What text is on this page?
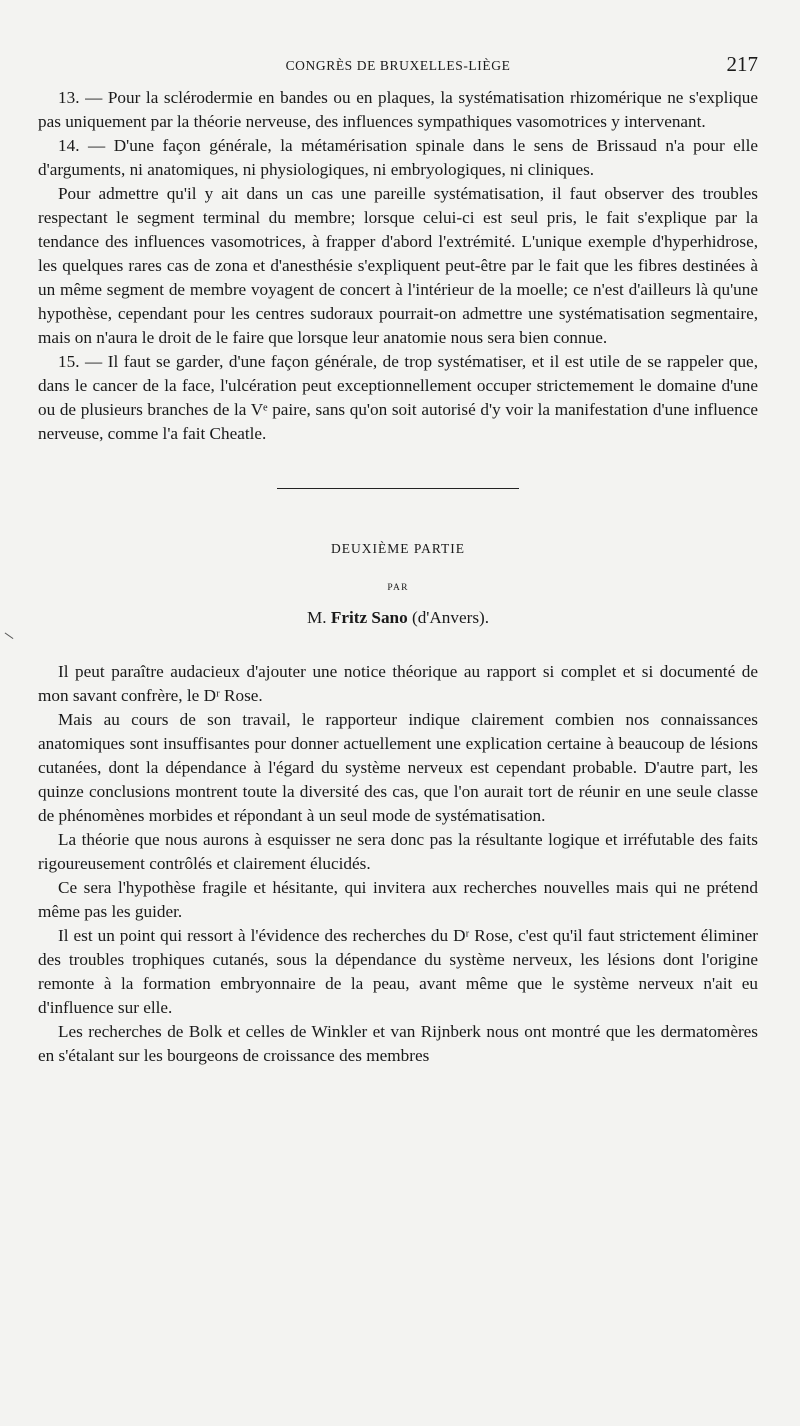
CONGRÈS DE BRUXELLES-LIÈGE	217

13. — Pour la sclérodermie en bandes ou en plaques, la systématisation rhizomérique ne s'explique pas uniquement par la théorie nerveuse, des influences sympathiques vasomotrices y intervenant.

14. — D'une façon générale, la métamérisation spinale dans le sens de Brissaud n'a pour elle d'arguments, ni anatomiques, ni physiologiques, ni embryologiques, ni cliniques.

Pour admettre qu'il y ait dans un cas une pareille systématisation, il faut observer des troubles respectant le segment terminal du membre; lorsque celui-ci est seul pris, le fait s'explique par la tendance des influences vasomotrices, à frapper d'abord l'extrémité. L'unique exemple d'hyperhidrose, les quelques rares cas de zona et d'anesthésie s'expliquent peut-être par le fait que les fibres destinées à un même segment de membre voyagent de concert à l'intérieur de la moelle; ce n'est d'ailleurs là qu'une hypothèse, cependant pour les centres sudoraux pourrait-on admettre une systématisation segmentaire, mais on n'aura le droit de le faire que lorsque leur anatomie nous sera bien connue.

15. — Il faut se garder, d'une façon générale, de trop systématiser, et il est utile de se rappeler que, dans le cancer de la face, l'ulcération peut exceptionnellement occuper strictemement le domaine d'une ou de plusieurs branches de la Vᵉ paire, sans qu'on soit autorisé d'y voir la manifestation d'une influence nerveuse, comme l'a fait Cheatle.

DEUXIÈME PARTIE
PAR
M. Fritz Sano (d'Anvers).

Il peut paraître audacieux d'ajouter une notice théorique au rapport si complet et si documenté de mon savant confrère, le Dʳ Rose.

Mais au cours de son travail, le rapporteur indique clairement combien nos connaissances anatomiques sont insuffisantes pour donner actuellement une explication certaine à beaucoup de lésions cutanées, dont la dépendance à l'égard du système nerveux est cependant probable. D'autre part, les quinze conclusions montrent toute la diversité des cas, que l'on aurait tort de réunir en une seule classe de phénomènes morbides et répondant à un seul mode de systématisation.

La théorie que nous aurons à esquisser ne sera donc pas la résultante logique et irréfutable des faits rigoureusement contrôlés et clairement élucidés.

Ce sera l'hypothèse fragile et hésitante, qui invitera aux recherches nouvelles mais qui ne prétend même pas les guider.

Il est un point qui ressort à l'évidence des recherches du Dʳ Rose, c'est qu'il faut strictement éliminer des troubles trophiques cutanés, sous la dépendance du système nerveux, les lésions dont l'origine remonte à la formation embryonnaire de la peau, avant même que le système nerveux n'ait eu d'influence sur elle.

Les recherches de Bolk et celles de Winkler et van Rijnberk nous ont montré que les dermatomères en s'étalant sur les bourgeons de croissance des membres
